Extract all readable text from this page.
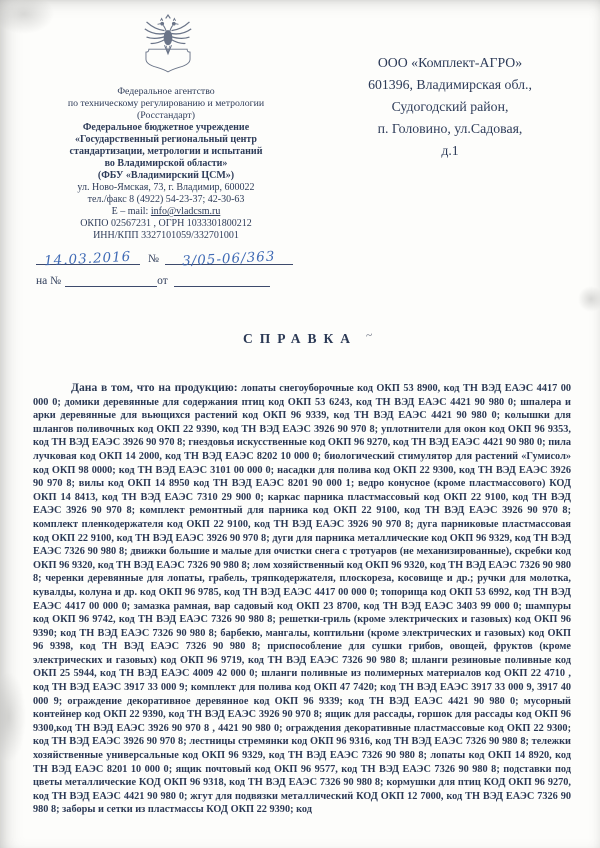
Федеральное агентство
по техническому регулированию и метрологии
(Росстандарт)
Федеральное бюджетное учреждение
«Государственный региональный центр
стандартизации, метрологии и испытаний
во Владимирской области»
(ФБУ «Владимирский ЦСМ»)
ул. Ново-Ямская, 73, г. Владимир, 600022
тел./факс 8 (4922) 54-23-37; 42-30-63
E – mail: info@vladcsm.ru
ОКПО 02567231 , ОГРН 1033301800212
ИНН/КПП 3327101059/332701001
ООО «Комплект-АГРО»
601396, Владимирская обл.,
Судогодский район,
п. Головино, ул.Садовая,
д.1
14.03.2016	№	3/05-06/363
на №	от
СПРАВКА ~
Дана в том, что на продукцию: лопаты снегоуборочные код ОКП 53 8900, код ТН ВЭД ЕАЭС 4417 00 000 0; домики деревянные для содержания птиц код ОКП 53 6243, код ТН ВЭД ЕАЭС 4421 90 980 0; шпалера и арки деревянные для вьющихся растений код ОКП 96 9339, код ТН ВЭД ЕАЭС 4421 90 980 0; колышки для шлангов поливочных код ОКП 22 9390, код ТН ВЭД ЕАЭС 3926 90 970 8; уплотнители для окон код ОКП 96 9353, код ТН ВЭД ЕАЭС 3926 90 970 8; гнездовья искусственные код ОКП 96 9270, код ТН ВЭД ЕАЭС 4421 90 980 0; пила лучковая код ОКП 14 2000, код ТН ВЭД ЕАЭС 8202 10 000 0; биологический стимулятор для растений «Гумисол» код ОКП 98 0000; код ТН ВЭД ЕАЭС 3101 00 000 0; насадки для полива код ОКП 22 9300, код ТН ВЭД ЕАЭС 3926 90 970 8; вилы код ОКП 14 8950 код ТН ВЭД ЕАЭС 8201 90 000 1; ведро конусное (кроме пластмассового) КОД ОКП 14 8413, код ТН ВЭД ЕАЭС 7310 29 900 0; каркас парника пластмассовый код ОКП 22 9100, код ТН ВЭД ЕАЭС 3926 90 970 8; комплект ремонтный для парника код ОКП 22 9100, код ТН ВЭД ЕАЭС 3926 90 970 8; комплект пленкодержателя код ОКП 22 9100, код ТН ВЭД ЕАЭС 3926 90 970 8; дуга парниковые пластмассовая код ОКП 22 9100, код ТН ВЭД ЕАЭС 3926 90 970 8; дуги для парника металлические код ОКП 96 9329, код ТН ВЭД ЕАЭС 7326 90 980 8; движки большие и малые для очистки снега с тротуаров (не механизированные), скребки код ОКП 96 9320, код ТН ВЭД ЕАЭС 7326 90 980 8; лом хозяйственный код ОКП 96 9320, код ТН ВЭД ЕАЭС 7326 90 980 8; черенки деревянные для лопаты, грабель, тряпкодержателя, плоскореза, косовище и др.; ручки для молотка, кувалды, колуна и др. код ОКП 96 9785, код ТН ВЭД ЕАЭС 4417 00 000 0; топорища код ОКП 53 6992, код ТН ВЭД ЕАЭС 4417 00 000 0; замазка рамная, вар садовый код ОКП 23 8700, код ТН ВЭД ЕАЭС 3403 99 000 0; шампуры код ОКП 96 9742, код ТН ВЭД ЕАЭС 7326 90 980 8; решетки-гриль (кроме электрических и газовых) код ОКП 96 9390; код ТН ВЭД ЕАЭС 7326 90 980 8; барбекю, мангалы, коптильни (кроме электрических и газовых) код ОКП 96 9398, код ТН ВЭД ЕАЭС 7326 90 980 8; приспособление для сушки грибов, овощей, фруктов (кроме электрических и газовых) код ОКП 96 9719, код ТН ВЭД ЕАЭС 7326 90 980 8; шланги резиновые поливные код ОКП 25 5944, код ТН ВЭД ЕАЭС 4009 42 000 0; шланги поливные из полимерных материалов код ОКП 22 4710 , код ТН ВЭД ЕАЭС 3917 33 000 9; комплект для полива код ОКП 47 7420; код ТН ВЭД ЕАЭС 3917 33 000 9, 3917 40 000 9; ограждение декоративное деревянное код ОКП 96 9339; код ТН ВЭД ЕАЭС 4421 90 980 0; мусорный контейнер код ОКП 22 9390, код ТН ВЭД ЕАЭС 3926 90 970 8; ящик для рассады, горшок для рассады код ОКП 96 9300,код ТН ВЭД ЕАЭС 3926 90 970 8 , 4421 90 980 0; ограждения декоративные пластмассовые код ОКП 22 9300; код ТН ВЭД ЕАЭС 3926 90 970 8; лестницы стремянки код ОКП 96 9316, код ТН ВЭД ЕАЭС 7326 90 980 8; тележки хозяйственные универсальные код ОКП 96 9329, код ТН ВЭД ЕАЭС 7326 90 980 8; лопаты код ОКП 14 8920, код ТН ВЭД ЕАЭС 8201 10 000 0; ящик почтовый код ОКП 96 9577, код ТН ВЭД ЕАЭС 7326 90 980 8; подставки под цветы металлические КОД ОКП 96 9318, код ТН ВЭД ЕАЭС 7326 90 980 8; кормушки для птиц КОД ОКП 96 9270, код ТН ВЭД ЕАЭС 4421 90 980 0; жгут для подвязки металлический КОД ОКП 12 7000, код ТН ВЭД ЕАЭС 7326 90 980 8; заборы и сетки из пластмассы КОД ОКП 22 9390; код
